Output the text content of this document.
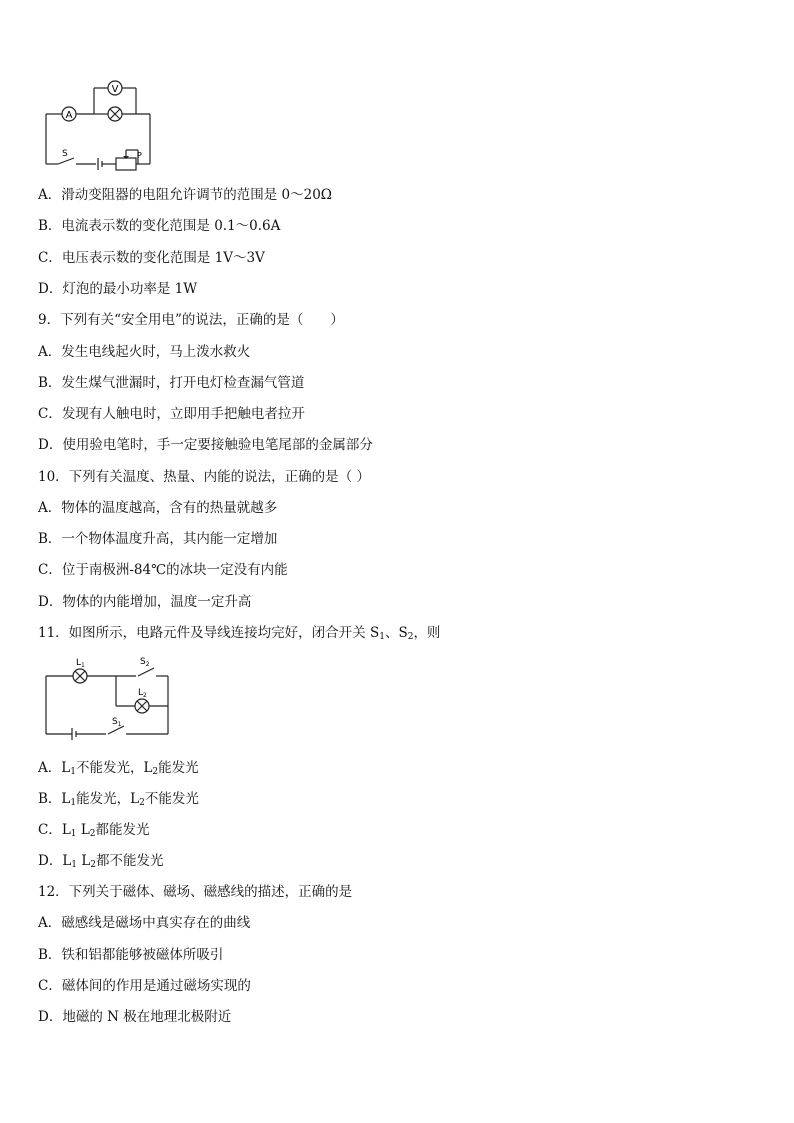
A
V
S	P
A．滑动变阻器的电阻允许调节的范围是 0～20Ω
B．电流表示数的变化范围是 0.1～0.6A
C．电压表示数的变化范围是 1V～3V
D．灯泡的最小功率是 1W
9．下列有关“安全用电”的说法，正确的是（　　）
A．发生电线起火时，马上泼水救火
B．发生煤气泄漏时，打开电灯检查漏气管道
C．发现有人触电时，立即用手把触电者拉开
D．使用验电笔时，手一定要接触验电笔尾部的金属部分
10．下列有关温度、热量、内能的说法，正确的是（ ）
A．物体的温度越高，含有的热量就越多
B．一个物体温度升高，其内能一定增加
C．位于南极洲-84℃的冰块一定没有内能
D．物体的内能增加，温度一定升高
11．如图所示，电路元件及导线连接均完好，闭合开关 $S_1$、$S_2$，则
$L_1$
$L_2$
$S_2$
$S_1$
A．$L_1$不能发光，$L_2$能发光
B．$L_1$能发光，$L_2$不能发光
C．$L_1$ $L_2$都能发光
D．$L_1$ $L_2$都不能发光
12．下列关于磁体、磁场、磁感线的描述，正确的是
A．磁感线是磁场中真实存在的曲线
B．铁和铝都能够被磁体所吸引
C．磁体间的作用是通过磁场实现的
D．地磁的 N 极在地理北极附近
